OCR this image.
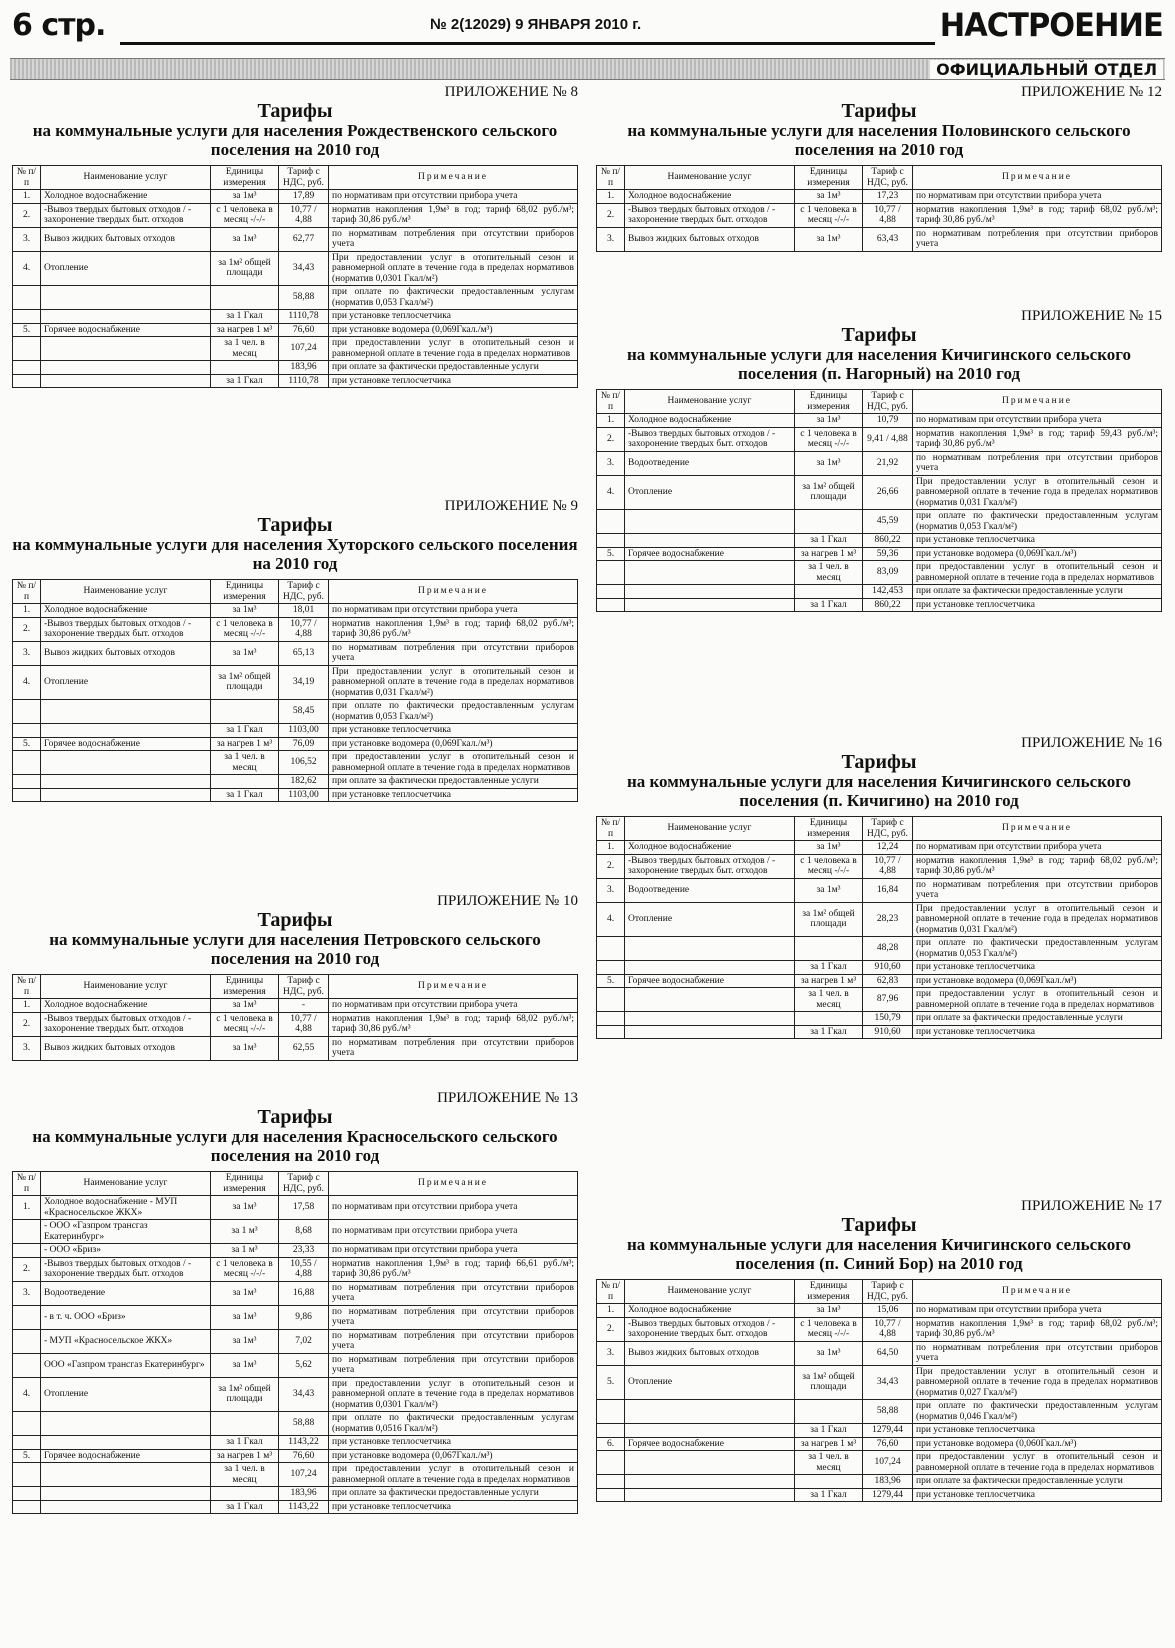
6 стр.	№ 2(12029) 9 ЯНВАРЯ 2010 г.	НАСТРОЕНИЕ
ОФИЦИАЛЬНЫЙ ОТДЕЛ
ПРИЛОЖЕНИЕ № 8
Тарифы
на коммунальные услуги для населения Рождественского сельского поселения на 2010 год
№ п/п	Наименование услуг	Единицы измерения	Тариф с НДС, руб.	Примечание
1.	Холодное водоснабжение	за 1м³	17,89	по нормативам при отсутствии прибора учета
2.	-Вывоз твердых бытовых отходов / - захоронение твердых быт. отходов	с 1 человека в месяц -/-/-	10,77 / 4,88	норматив накопления 1,9м³ в год; тариф 68,02 руб./м³; тариф 30,86 руб./м³
3.	Вывоз жидких бытовых отходов	за 1м³	62,77	по нормативам потребления при отсутствии приборов учета
4.	Отопление	за 1м² общей площади	34,43	При предоставлении услуг в отопительный сезон и равномерной оплате в течение года в пределах нормативов (норматив 0,0301 Гкал/м²)
			58,88	при оплате по фактически предоставленным услугам (норматив 0,053 Гкал/м²)
		за 1 Гкал	1110,78	при установке теплосчетчика
5.	Горячее водоснабжение	за нагрев 1 м³	76,60	при установке водомера (0,069Гкал./м³)
		за 1 чел. в месяц	107,24	при предоставлении услуг в отопительный сезон и равномерной оплате в течение года в пределах нормативов
			183,96	при оплате за фактически предоставленные услуги
		за 1 Гкал	1110,78	при установке теплосчетчика
ПРИЛОЖЕНИЕ № 9
Тарифы
на коммунальные услуги для населения Хуторского сельского поселения на 2010 год
№ п/п	Наименование услуг	Единицы измерения	Тариф с НДС, руб.	Примечание
1.	Холодное водоснабжение	за 1м³	18,01	по нормативам при отсутствии прибора учета
2.	-Вывоз твердых бытовых отходов / - захоронение твердых быт. отходов	с 1 человека в месяц -/-/-	10,77 / 4,88	норматив накопления 1,9м³ в год; тариф 68,02 руб./м³; тариф 30,86 руб./м³
3.	Вывоз жидких бытовых отходов	за 1м³	65,13	по нормативам потребления при отсутствии приборов учета
4.	Отопление	за 1м² общей площади	34,19	При предоставлении услуг в отопительный сезон и равномерной оплате в течение года в пределах нормативов (норматив 0,031 Гкал/м²)
			58,45	при оплате по фактически предоставленным услугам (норматив 0,053 Гкал/м²)
		за 1 Гкал	1103,00	при установке теплосчетчика
5.	Горячее водоснабжение	за нагрев 1 м³	76,09	при установке водомера (0,069Гкал./м³)
		за 1 чел. в месяц	106,52	при предоставлении услуг в отопительный сезон и равномерной оплате в течение года в пределах нормативов
			182,62	при оплате за фактически предоставленные услуги
		за 1 Гкал	1103,00	при установке теплосчетчика
ПРИЛОЖЕНИЕ № 10
Тарифы
на коммунальные услуги для населения Петровского сельского поселения на 2010 год
№ п/п	Наименование услуг	Единицы измерения	Тариф с НДС, руб.	Примечание
1.	Холодное водоснабжение	за 1м³	-	по нормативам при отсутствии прибора учета
2.	-Вывоз твердых бытовых отходов / - захоронение твердых быт. отходов	с 1 человека в месяц -/-/-	10,77 / 4,88	норматив накопления 1,9м³ в год; тариф 68,02 руб./м³; тариф 30,86 руб./м³
3.	Вывоз жидких бытовых отходов	за 1м³	62,55	по нормативам потребления при отсутствии приборов учета
ПРИЛОЖЕНИЕ № 13
Тарифы
на коммунальные услуги для населения Красносельского сельского поселения на 2010 год
№ п/п	Наименование услуг	Единицы измерения	Тариф с НДС, руб.	Примечание
1.	Холодное водоснабжение - МУП «Красносельское ЖКХ»	за 1м³	17,58	по нормативам при отсутствии прибора учета
	- ООО «Газпром трансгаз Екатеринбург»	за 1 м³	8,68	по нормативам при отсутствии прибора учета
	- ООО «Бриз»	за 1 м³	23,33	по нормативам при отсутствии прибора учета
2.	-Вывоз твердых бытовых отходов / - захоронение твердых быт. отходов	с 1 человека в месяц -/-/-	10,55 / 4,88	норматив накопления 1,9м³ в год; тариф 66,61 руб./м³; тариф 30,86 руб./м³
3.	Водоотведение	за 1м³	16,88	по нормативам потребления при отсутствии приборов учета
	- в т. ч. ООО «Бриз»	за 1м³	9,86	по нормативам потребления при отсутствии приборов учета
	- МУП «Красносельское ЖКХ»	за 1м³	7,02	по нормативам потребления при отсутствии приборов учета
	ООО «Газпром трансгаз Екатеринбург»	за 1м³	5,62	по нормативам потребления при отсутствии приборов учета
4.	Отопление	за 1м² общей площади	34,43	при предоставлении услуг в отопительный сезон и равномерной оплате в течение года в пределах нормативов (норматив 0,0301 Гкал/м²)
			58,88	при оплате по фактически предоставленным услугам (норматив 0,0516 Гкал/м²)
		за 1 Гкал	1143,22	при установке теплосчетчика
5.	Горячее водоснабжение	за нагрев 1 м³	76,60	при установке водомера (0,067Гкал./м³)
		за 1 чел. в месяц	107,24	при предоставлении услуг в отопительный сезон и равномерной оплате в течение года в пределах нормативов
			183,96	при оплате за фактически предоставленные услуги
		за 1 Гкал	1143,22	при установке теплосчетчика
ПРИЛОЖЕНИЕ № 12
Тарифы
на коммунальные услуги для населения Половинского сельского поселения на 2010 год
№ п/п	Наименование услуг	Единицы измерения	Тариф с НДС, руб.	Примечание
1.	Холодное водоснабжение	за 1м³	17,23	по нормативам при отсутствии прибора учета
2.	-Вывоз твердых бытовых отходов / - захоронение твердых быт. отходов	с 1 человека в месяц -/-/-	10,77 / 4,88	норматив накопления 1,9м³ в год; тариф 68,02 руб./м³; тариф 30,86 руб./м³
3.	Вывоз жидких бытовых отходов	за 1м³	63,43	по нормативам потребления при отсутствии приборов учета
ПРИЛОЖЕНИЕ № 15
Тарифы
на коммунальные услуги для населения Кичигинского сельского поселения (п. Нагорный) на 2010 год
№ п/п	Наименование услуг	Единицы измерения	Тариф с НДС, руб.	Примечание
1.	Холодное водоснабжение	за 1м³	10,79	по нормативам при отсутствии прибора учета
2.	-Вывоз твердых бытовых отходов / - захоронение твердых быт. отходов	с 1 человека в месяц -/-/-	9,41 / 4,88	норматив накопления 1,9м³ в год; тариф 59,43 руб./м³; тариф 30,86 руб./м³
3.	Водоотведение	за 1м³	21,92	по нормативам потребления при отсутствии приборов учета
4.	Отопление	за 1м² общей площади	26,66	При предоставлении услуг в отопительный сезон и равномерной оплате в течение года в пределах нормативов (норматив 0,031 Гкал/м²)
			45,59	при оплате по фактически предоставленным услугам (норматив 0,053 Гкал/м²)
		за 1 Гкал	860,22	при установке теплосчетчика
5.	Горячее водоснабжение	за нагрев 1 м³	59,36	при установке водомера (0,069Гкал./м³)
		за 1 чел. в месяц	83,09	при предоставлении услуг в отопительный сезон и равномерной оплате в течение года в пределах нормативов
			142,453	при оплате за фактически предоставленные услуги
		за 1 Гкал	860,22	при установке теплосчетчика
ПРИЛОЖЕНИЕ № 16
Тарифы
на коммунальные услуги для населения Кичигинского сельского поселения (п. Кичигино) на 2010 год
№ п/п	Наименование услуг	Единицы измерения	Тариф с НДС, руб.	Примечание
1.	Холодное водоснабжение	за 1м³	12,24	по нормативам при отсутствии прибора учета
2.	-Вывоз твердых бытовых отходов / - захоронение твердых быт. отходов	с 1 человека в месяц -/-/-	10,77 / 4,88	норматив накопления 1,9м³ в год; тариф 68,02 руб./м³; тариф 30,86 руб./м³
3.	Водоотведение	за 1м³	16,84	по нормативам потребления при отсутствии приборов учета
4.	Отопление	за 1м² общей площади	28,23	При предоставлении услуг в отопительный сезон и равномерной оплате в течение года в пределах нормативов (норматив 0,031 Гкал/м²)
			48,28	при оплате по фактически предоставленным услугам (норматив 0,053 Гкал/м²)
		за 1 Гкал	910,60	при установке теплосчетчика
5.	Горячее водоснабжение	за нагрев 1 м³	62,83	при установке водомера (0,069Гкал./м³)
		за 1 чел. в месяц	87,96	при предоставлении услуг в отопительный сезон и равномерной оплате в течение года в пределах нормативов
			150,79	при оплате за фактически предоставленные услуги
		за 1 Гкал	910,60	при установке теплосчетчика
ПРИЛОЖЕНИЕ № 17
Тарифы
на коммунальные услуги для населения Кичигинского сельского поселения (п. Синий Бор) на 2010 год
№ п/п	Наименование услуг	Единицы измерения	Тариф с НДС, руб.	Примечание
1.	Холодное водоснабжение	за 1м³	15,06	по нормативам при отсутствии прибора учета
2.	-Вывоз твердых бытовых отходов / - захоронение твердых быт. отходов	с 1 человека в месяц -/-/-	10,77 / 4,88	норматив накопления 1,9м³ в год; тариф 68,02 руб./м³; тариф 30,86 руб./м³
3.	Вывоз жидких бытовых отходов	за 1м³	64,50	по нормативам потребления при отсутствии приборов учета
5.	Отопление	за 1м² общей площади	34,43	При предоставлении услуг в отопительный сезон и равномерной оплате в течение года в пределах нормативов (норматив 0,027 Гкал/м²)
			58,88	при оплате по фактически предоставленным услугам (норматив 0,046 Гкал/м²)
		за 1 Гкал	1279,44	при установке теплосчетчика
6.	Горячее водоснабжение	за нагрев 1 м³	76,60	при установке водомера (0,060Гкал./м³)
		за 1 чел. в месяц	107,24	при предоставлении услуг в отопительный сезон и равномерной оплате в течение года в пределах нормативов
			183,96	при оплате за фактически предоставленные услуги
		за 1 Гкал	1279,44	при установке теплосчетчика
